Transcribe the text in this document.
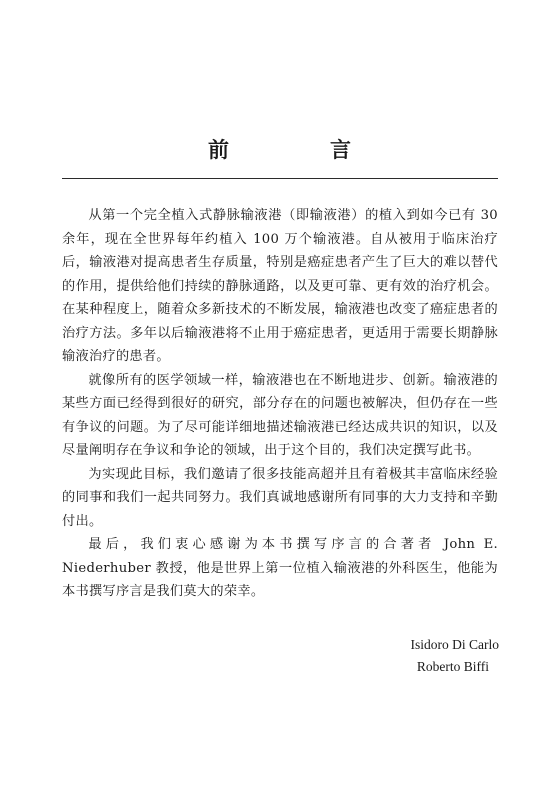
前　言

从第一个完全植入式静脉输液港（即输液港）的植入到如今已有 30 余年，现在全世界每年约植入 100 万个输液港。自从被用于临床治疗后，输液港对提高患者生存质量，特别是癌症患者产生了巨大的难以替代的作用，提供给他们持续的静脉通路，以及更可靠、更有效的治疗机会。在某种程度上，随着众多新技术的不断发展，输液港也改变了癌症患者的治疗方法。多年以后输液港将不止用于癌症患者，更适用于需要长期静脉输液治疗的患者。

就像所有的医学领域一样，输液港也在不断地进步、创新。输液港的某些方面已经得到很好的研究，部分存在的问题也被解决，但仍存在一些有争议的问题。为了尽可能详细地描述输液港已经达成共识的知识，以及尽量阐明存在争议和争论的领域，出于这个目的，我们决定撰写此书。

为实现此目标，我们邀请了很多技能高超并且有着极其丰富临床经验的同事和我们一起共同努力。我们真诚地感谢所有同事的大力支持和辛勤付出。

最后，我们衷心感谢为本书撰写序言的合著者 John E. Niederhuber 教授，他是世界上第一位植入输液港的外科医生，他能为本书撰写序言是我们莫大的荣幸。

Isidoro Di Carlo
Roberto Biffi
